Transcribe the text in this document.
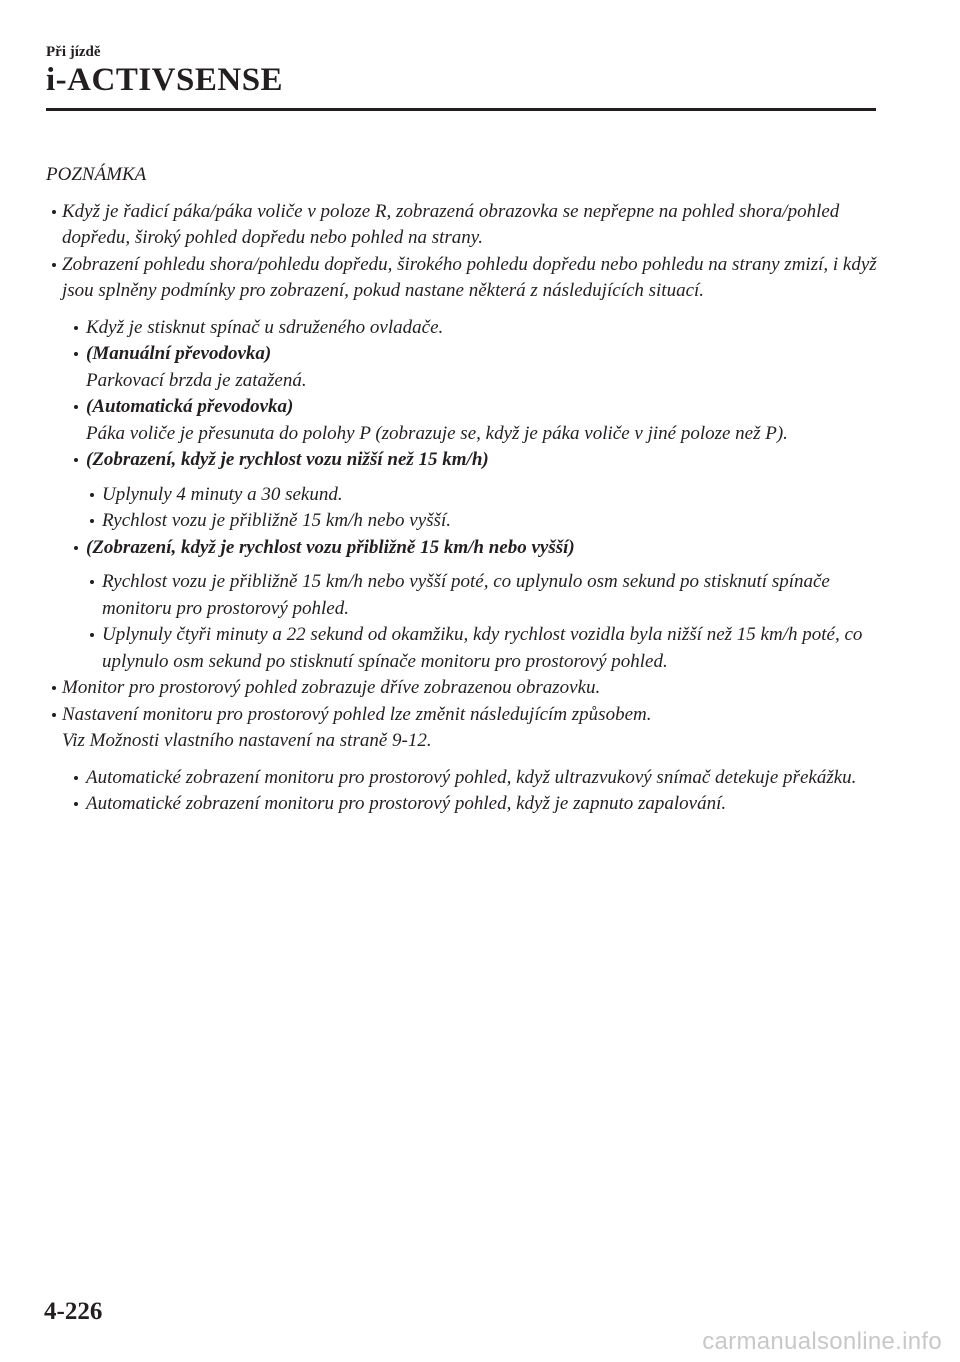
Při jízdě
i-ACTIVSENSE
POZNÁMKA
Když je řadicí páka/páka voliče v poloze R, zobrazená obrazovka se nepřepne na pohled shora/pohled dopředu, široký pohled dopředu nebo pohled na strany.
Zobrazení pohledu shora/pohledu dopředu, širokého pohledu dopředu nebo pohledu na strany zmizí, i když jsou splněny podmínky pro zobrazení, pokud nastane některá z následujících situací.
Když je stisknut spínač u sdruženého ovladače.
(Manuální převodovka)
Parkovací brzda je zatažená.
(Automatická převodovka)
Páka voliče je přesunuta do polohy P (zobrazuje se, když je páka voliče v jiné poloze než P).
(Zobrazení, když je rychlost vozu nižší než 15 km/h)
Uplynuly 4 minuty a 30 sekund.
Rychlost vozu je přibližně 15 km/h nebo vyšší.
(Zobrazení, když je rychlost vozu přibližně 15 km/h nebo vyšší)
Rychlost vozu je přibližně 15 km/h nebo vyšší poté, co uplynulo osm sekund po stisknutí spínače monitoru pro prostorový pohled.
Uplynuly čtyři minuty a 22 sekund od okamžiku, kdy rychlost vozidla byla nižší než 15 km/h poté, co uplynulo osm sekund po stisknutí spínače monitoru pro prostorový pohled.
Monitor pro prostorový pohled zobrazuje dříve zobrazenou obrazovku.
Nastavení monitoru pro prostorový pohled lze změnit následujícím způsobem.
Viz Možnosti vlastního nastavení na straně 9-12.
Automatické zobrazení monitoru pro prostorový pohled, když ultrazvukový snímač detekuje překážku.
Automatické zobrazení monitoru pro prostorový pohled, když je zapnuto zapalování.
4-226
carmanualsonline.info
